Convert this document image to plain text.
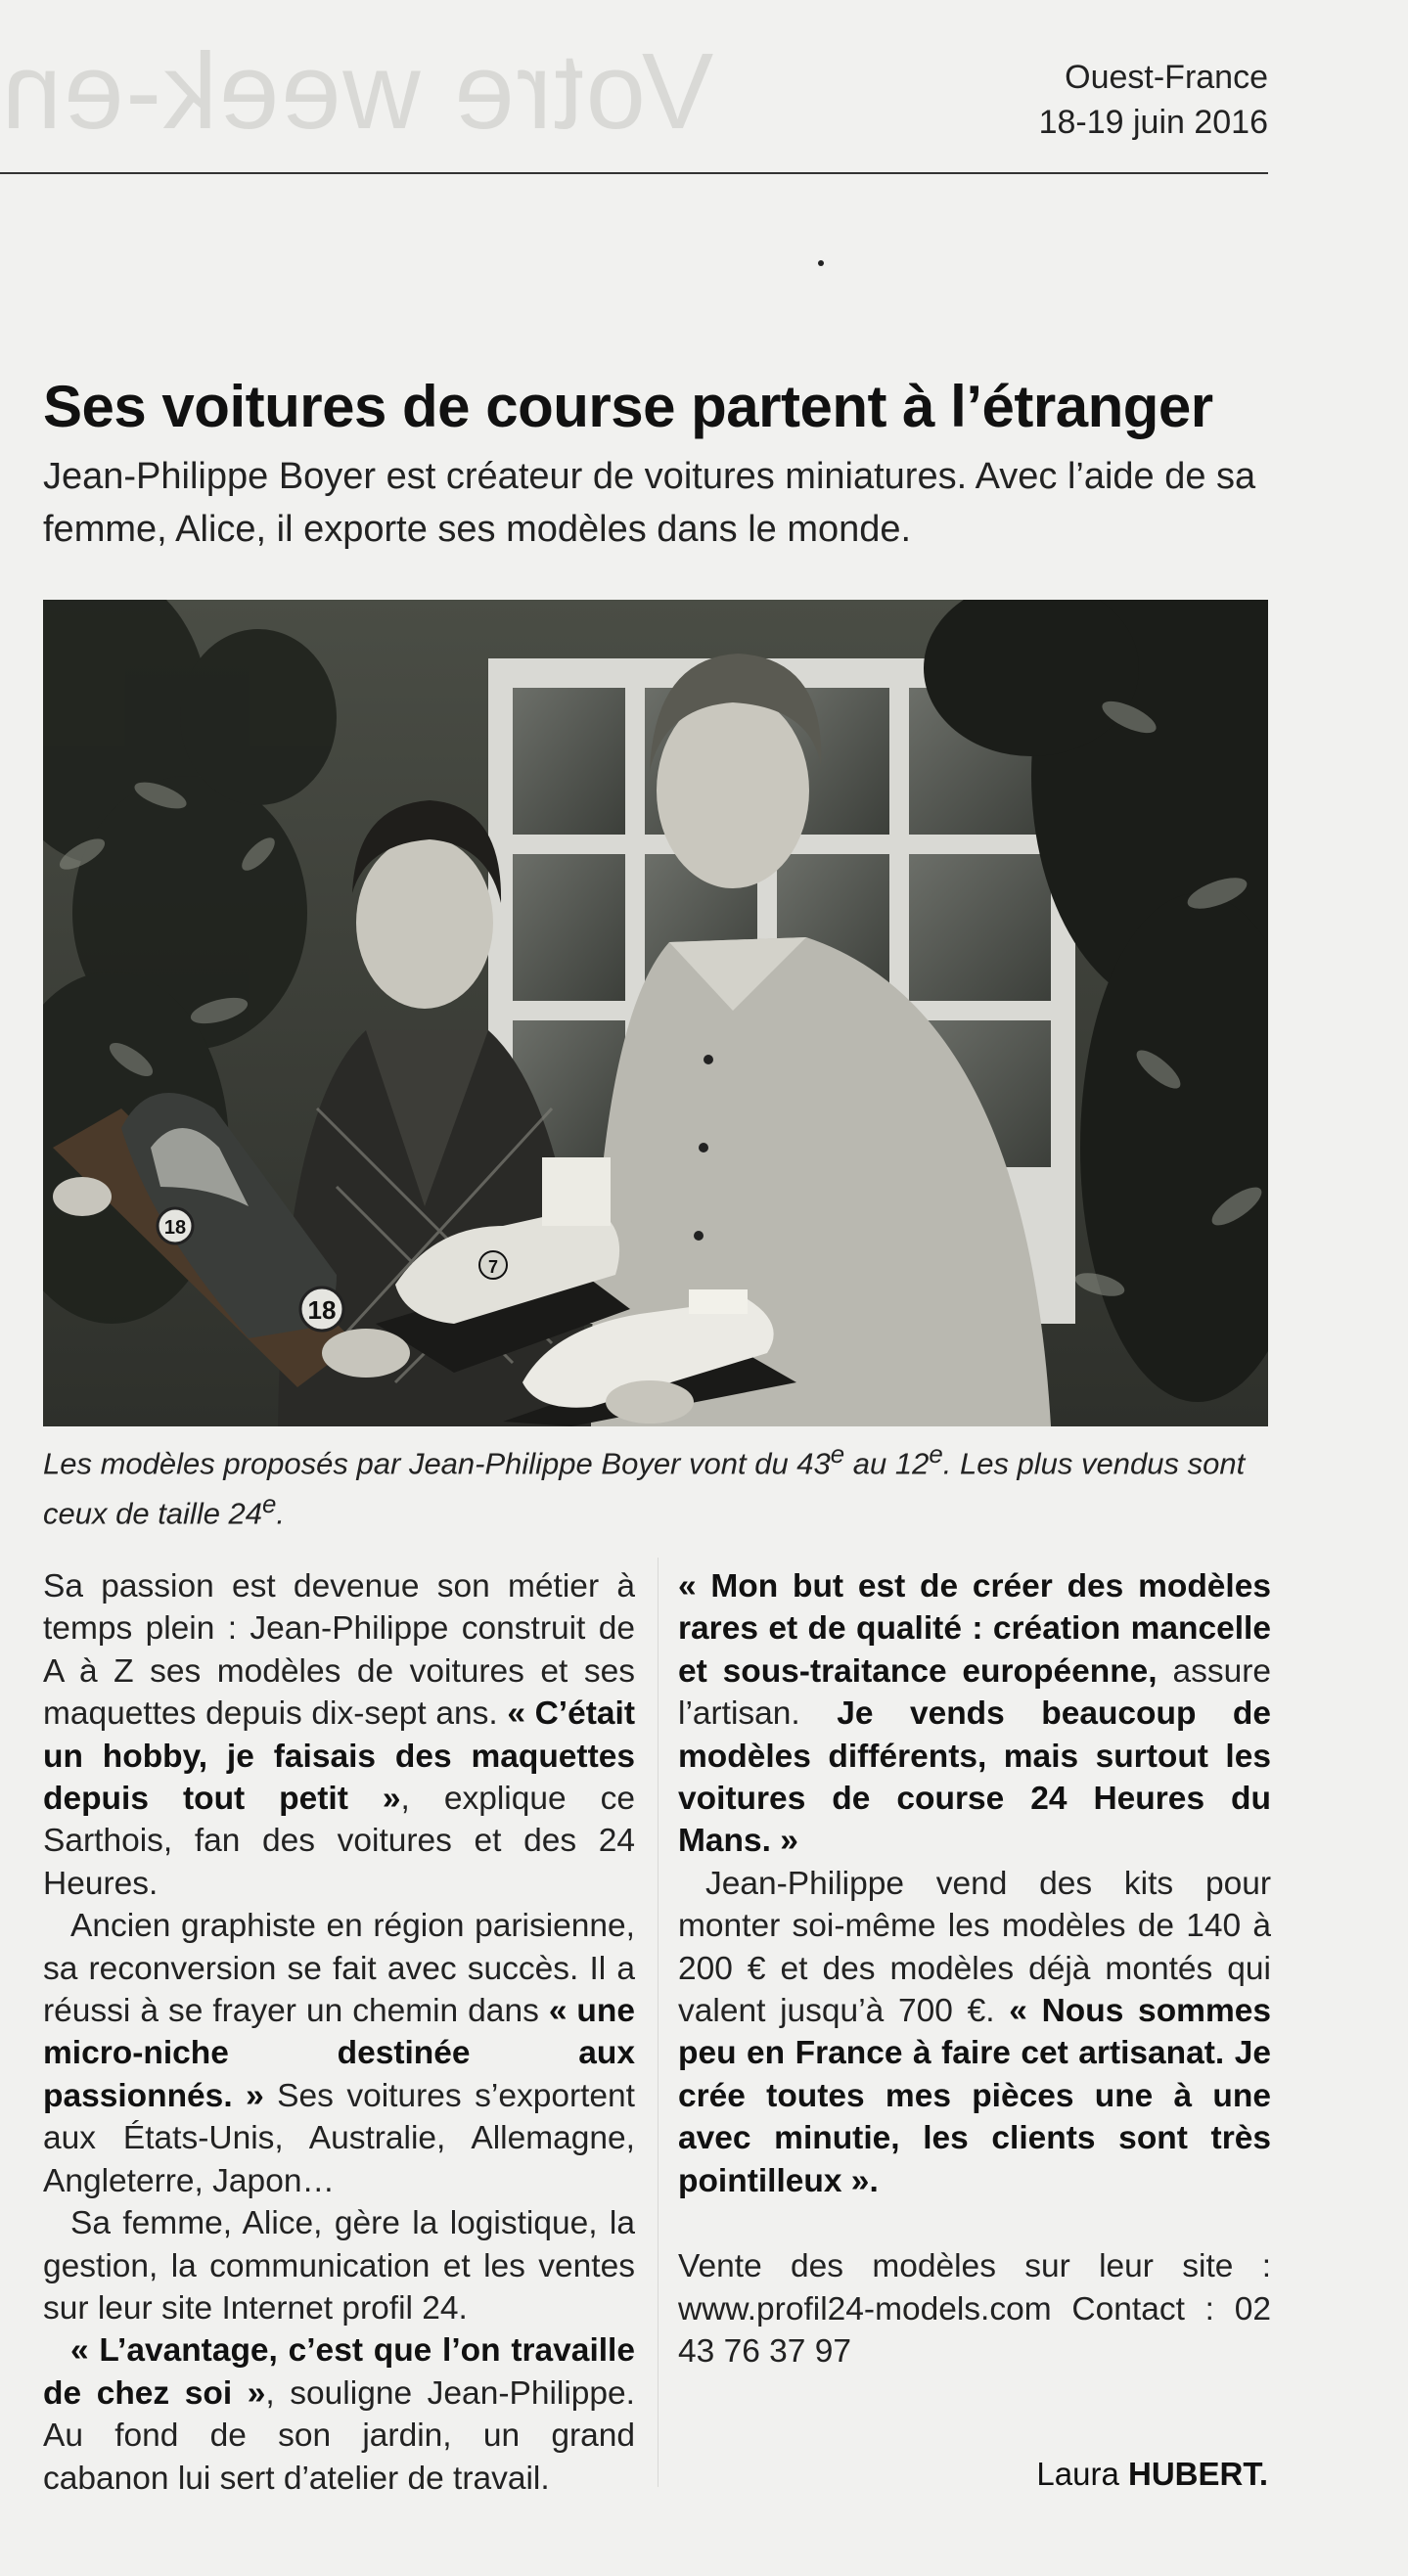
Votre week-en	Ouest-France
18-19 juin 2016
Ses voitures de course partent à l’étranger
Jean-Philippe Boyer est créateur de voitures miniatures. Avec l’aide de sa femme, Alice, il exporte ses modèles dans le monde.
18
18
7
Les modèles proposés par Jean-Philippe Boyer vont du 43e au 12e. Les plus vendus sont ceux de taille 24e.

Sa passion est devenue son métier à temps plein : Jean-Philippe construit de A à Z ses modèles de voitures et ses maquettes depuis dix-sept ans. « C’était un hobby, je faisais des maquettes depuis tout petit », explique ce Sarthois, fan des voitures et des 24 Heures.

Ancien graphiste en région parisienne, sa reconversion se fait avec succès. Il a réussi à se frayer un chemin dans « une micro-niche destinée aux passionnés. » Ses voitures s’exportent aux États-Unis, Australie, Allemagne, Angleterre, Japon…

Sa femme, Alice, gère la logistique, la gestion, la communication et les ventes sur leur site Internet profil 24.

« L’avantage, c’est que l’on travaille de chez soi », souligne Jean-Philippe. Au fond de son jardin, un grand cabanon lui sert d’atelier de travail.

« Mon but est de créer des modèles rares et de qualité : création mancelle et sous-traitance européenne, assure l’artisan. Je vends beaucoup de modèles différents, mais surtout les voitures de course 24 Heures du Mans. »

Jean-Philippe vend des kits pour monter soi-même les modèles de 140 à 200 € et des modèles déjà montés qui valent jusqu’à 700 €. « Nous sommes peu en France à faire cet artisanat. Je crée toutes mes pièces une à une avec minutie, les clients sont très pointilleux ».

Vente des modèles sur leur site : www.profil24-models.com Contact : 02 43 76 37 97

Laura HUBERT.
